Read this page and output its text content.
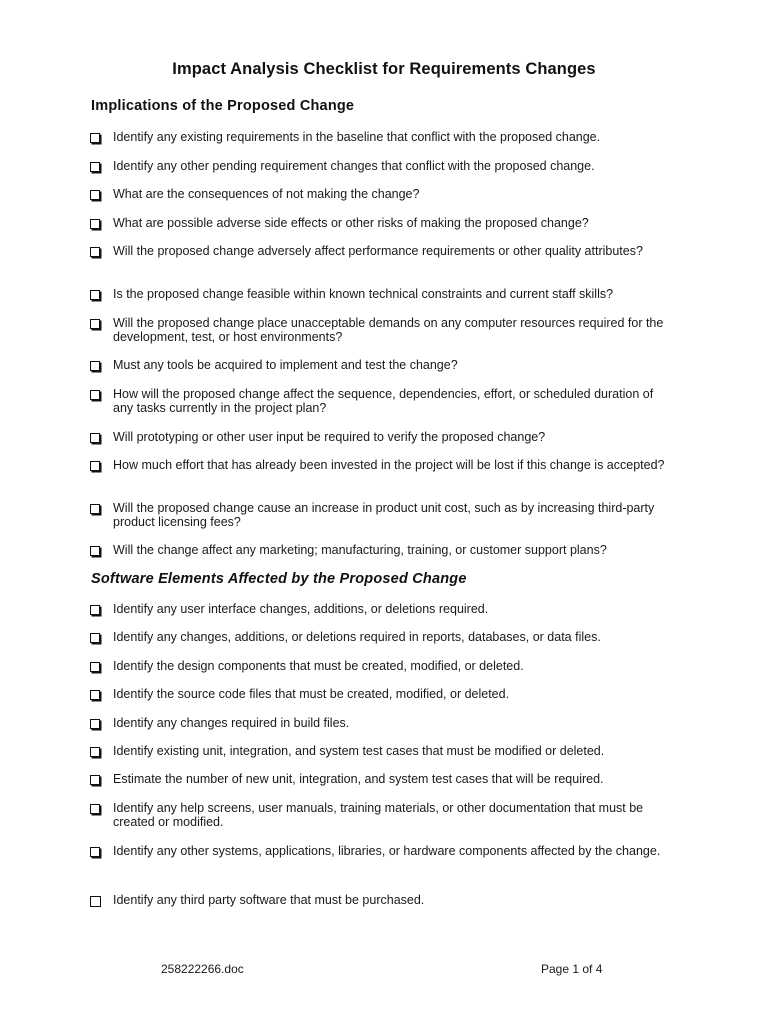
Impact Analysis Checklist for Requirements Changes
Implications of the Proposed Change
Software Elements Affected by the Proposed Change
Identify any existing requirements in the baseline that conflict with the proposed change.
Identify any other pending requirement changes that conflict with the proposed change.
What are the consequences of not making the change?
What are possible adverse side effects or other risks of making the proposed change?
Will the proposed change adversely affect performance requirements or other quality attributes?
Is the proposed change feasible within known technical constraints and current staff skills?
Will the proposed change place unacceptable demands on any computer resources required for the development, test, or host environments?
Must any tools be acquired to implement and test the change?
How will the proposed change affect the sequence, dependencies, effort, or scheduled duration of any tasks currently in the project plan?
Will prototyping or other user input be required to verify the proposed change?
How much effort that has already been invested in the project will be lost if this change is accepted?
Will the proposed change cause an increase in product unit cost, such as by increasing third-party product licensing fees?
Will the change affect any marketing; manufacturing, training, or customer support plans?
Identify any user interface changes, additions, or deletions required.
Identify any changes, additions, or deletions required in reports, databases, or data files.
Identify the design components that must be created, modified, or deleted.
Identify the source code files that must be created, modified, or deleted.
Identify any changes required in build files.
Identify existing unit, integration, and system test cases that must be modified or deleted.
Estimate the number of new unit, integration, and system test cases that will be required.
Identify any help screens, user manuals, training materials, or other documentation that must be created or modified.
Identify any other systems, applications, libraries, or hardware components affected by the change.
Identify any third party software that must be purchased.
258222266.doc	Page 1 of 4
